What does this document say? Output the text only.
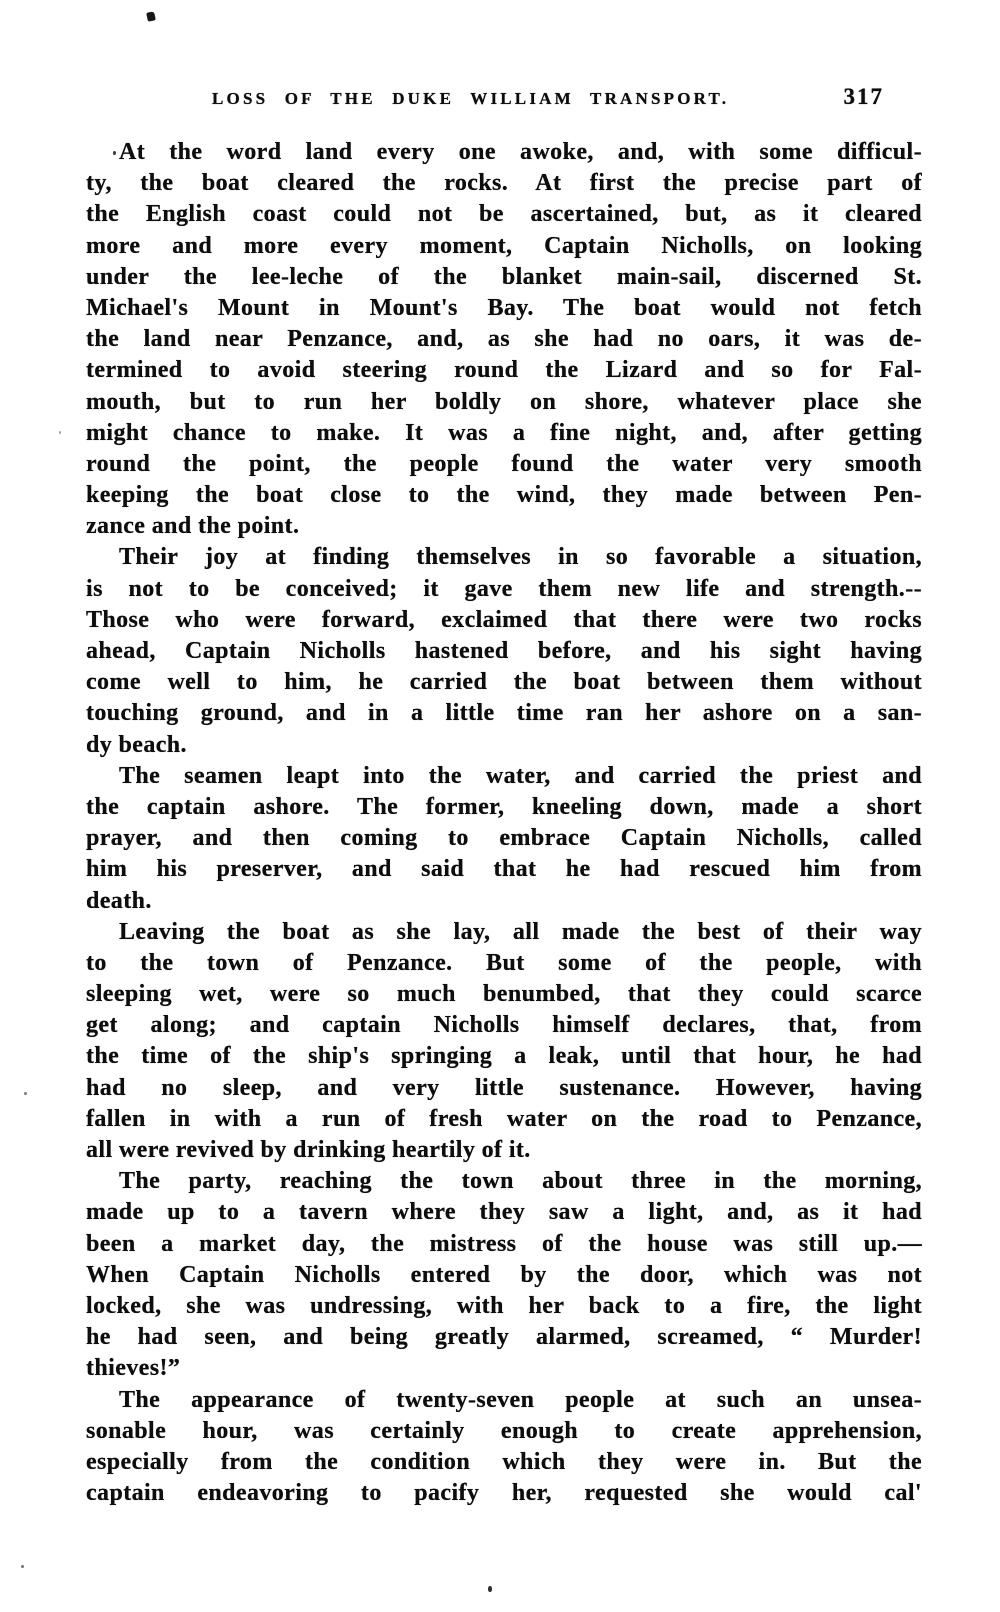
LOSS OF THE DUKE WILLIAM TRANSPORT.	317
At the word land every one awoke, and, with some difficul-
ty, the boat cleared the rocks. At first the precise part of
the English coast could not be ascertained, but, as it cleared
more and more every moment, Captain Nicholls, on looking
under the lee-leche of the blanket main-sail, discerned St.
Michael's Mount in Mount's Bay. The boat would not fetch
the land near Penzance, and, as she had no oars, it was de-
termined to avoid steering round the Lizard and so for Fal-
mouth, but to run her boldly on shore, whatever place she
might chance to make. It was a fine night, and, after getting
round the point, the people found the water very smooth
keeping the boat close to the wind, they made between Pen-
zance and the point.
Their joy at finding themselves in so favorable a situation,
is not to be conceived; it gave them new life and strength.--
Those who were forward, exclaimed that there were two rocks
ahead, Captain Nicholls hastened before, and his sight having
come well to him, he carried the boat between them without
touching ground, and in a little time ran her ashore on a san-
dy beach.
The seamen leapt into the water, and carried the priest and
the captain ashore. The former, kneeling down, made a short
prayer, and then coming to embrace Captain Nicholls, called
him his preserver, and said that he had rescued him from
death.
Leaving the boat as she lay, all made the best of their way
to the town of Penzance. But some of the people, with
sleeping wet, were so much benumbed, that they could scarce
get along; and captain Nicholls himself declares, that, from
the time of the ship's springing a leak, until that hour, he had
had no sleep, and very little sustenance. However, having
fallen in with a run of fresh water on the road to Penzance,
all were revived by drinking heartily of it.
The party, reaching the town about three in the morning,
made up to a tavern where they saw a light, and, as it had
been a market day, the mistress of the house was still up.—
When Captain Nicholls entered by the door, which was not
locked, she was undressing, with her back to a fire, the light
he had seen, and being greatly alarmed, screamed, “ Murder!
thieves!”
The appearance of twenty-seven people at such an unsea-
sonable hour, was certainly enough to create apprehension,
especially from the condition which they were in. But the
captain endeavoring to pacify her, requested she would cal'
